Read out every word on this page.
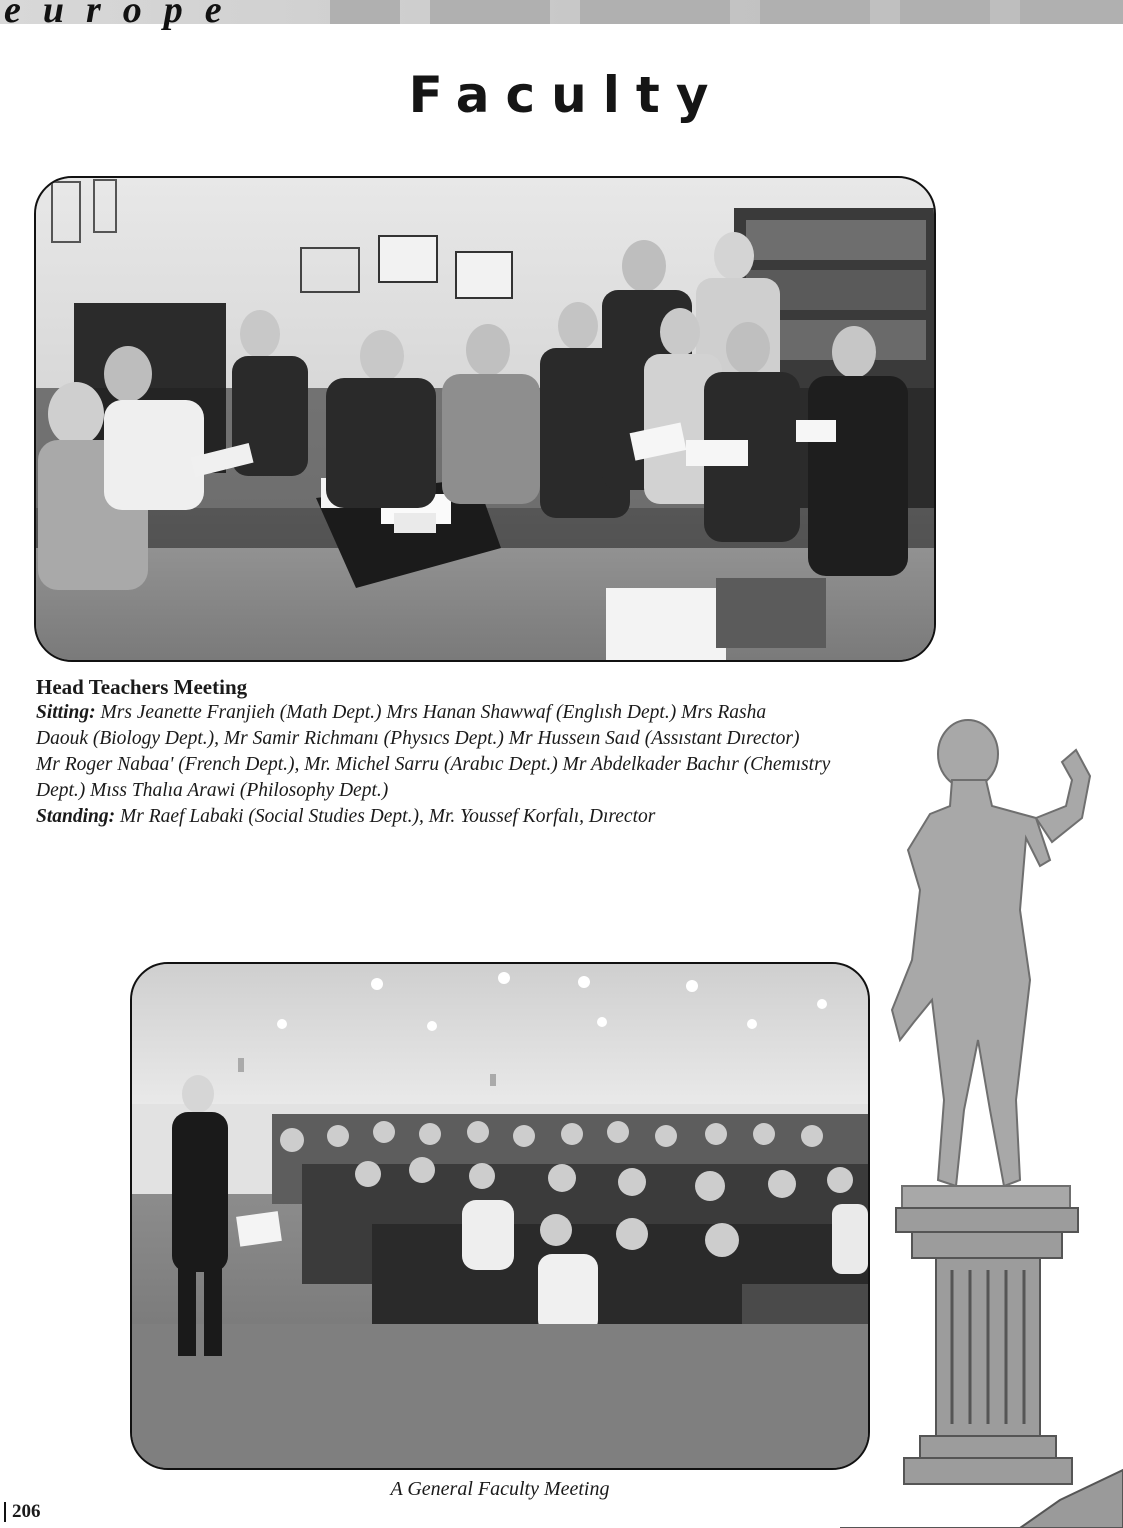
europe
Faculty
Head Teachers Meeting
Sitting: Mrs Jeanette Franjieh (Math Dept.) Mrs Hanan Shawwaf (Englısh Dept.) Mrs Rasha
Daouk (Biology Dept.), Mr Samir Richmanı (Physıcs Dept.) Mr Husseın Saıd (Assıstant Dırector)
Mr Roger Nabaa' (French Dept.), Mr. Michel Sarru (Arabıc Dept.) Mr Abdelkader Bachır (Chemıstry
Dept.) Mıss Thalıa Arawi (Philosophy Dept.)
Standing: Mr Raef Labaki (Social Studies Dept.), Mr. Youssef Korfalı, Dırector
A General Faculty Meeting
206
